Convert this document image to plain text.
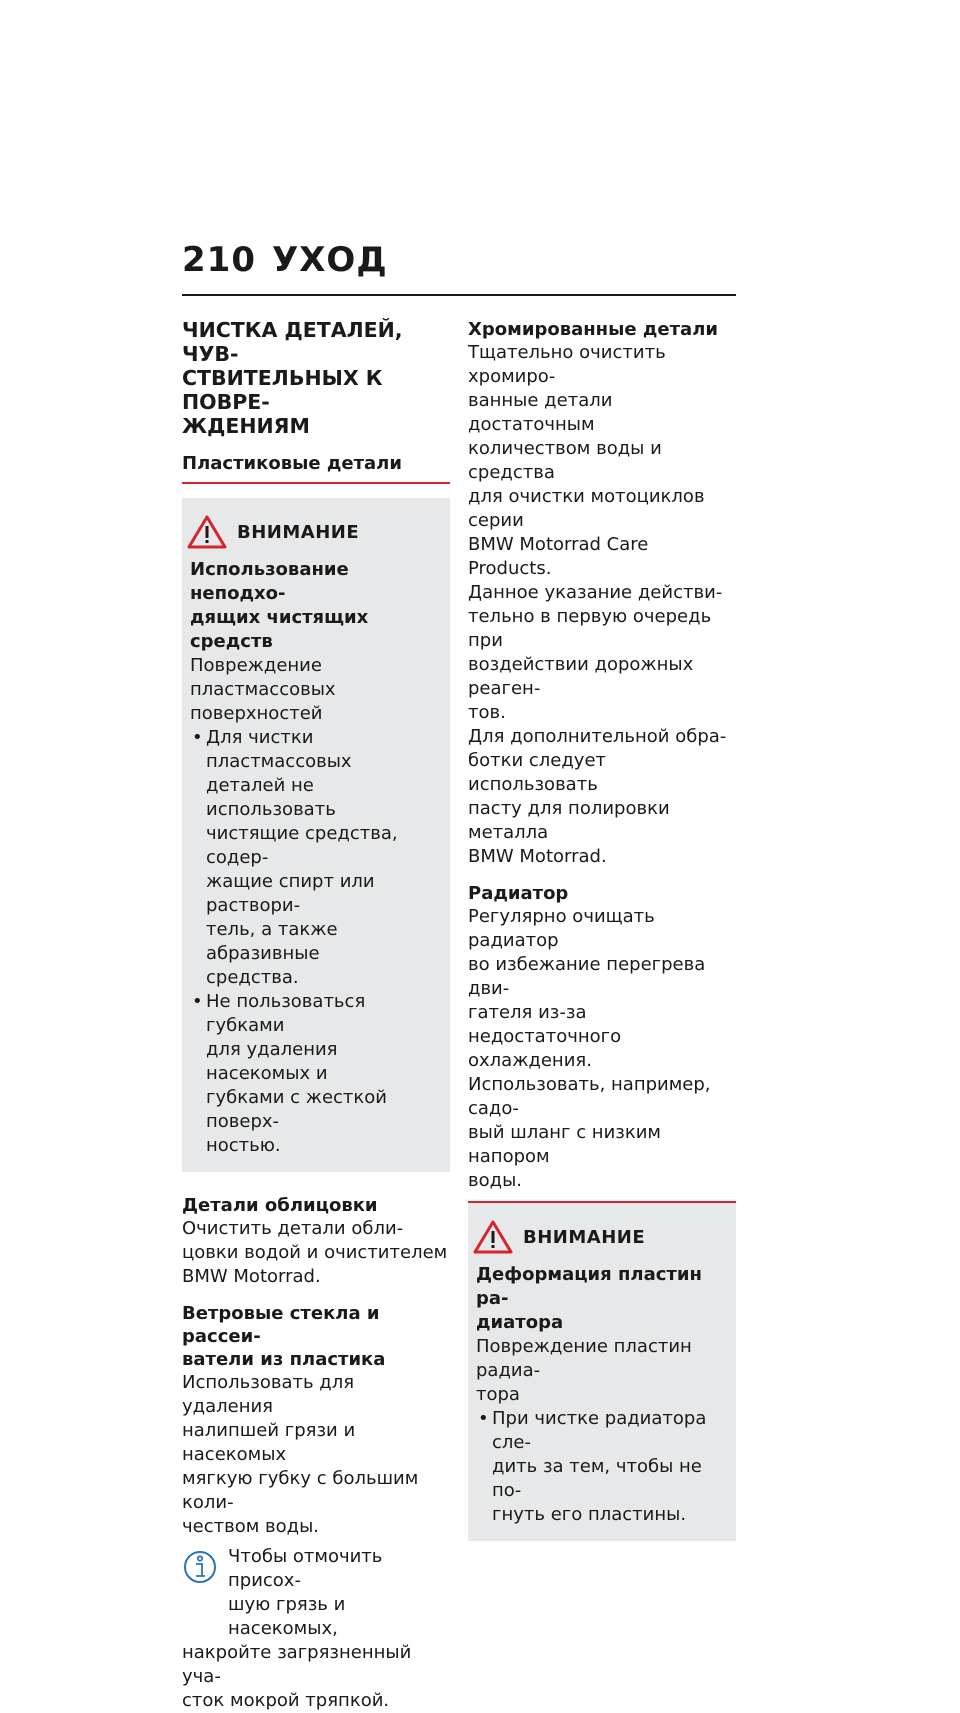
210 УХОД
ЧИСТКА ДЕТАЛЕЙ, ЧУВ-
СТВИТЕЛЬНЫХ К ПОВРЕ-
ЖДЕНИЯМ
Пластиковые детали
ВНИМАНИЕ
Использование неподхо-
дящих чистящих средств
Повреждение пластмассовых
поверхностей
• Для чистки пластмассовых
деталей не использовать
чистящие средства, содер-
жащие спирт или раствори-
тель, а также абразивные
средства.
• Не пользоваться губками
для удаления насекомых и
губками с жесткой поверх-
ностью.
Детали облицовки
Очистить детали обли-
цовки водой и очистителем
BMW Motorrad.
Ветровые стекла и рассеи-
ватели из пластика
Использовать для удаления
налипшей грязи и насекомых
мягкую губку с большим коли-
чеством воды.
Чтобы отмочить присох-
шую грязь и насекомых,
накройте загрязненный уча-
сток мокрой тряпкой.
Хромированные детали
Тщательно очистить хромиро-
ванные детали достаточным
количеством воды и средства
для очистки мотоциклов серии
BMW Motorrad Care Products.
Данное указание действи-
тельно в первую очередь при
воздействии дорожных реаген-
тов.
Для дополнительной обра-
ботки следует использовать
пасту для полировки металла
BMW Motorrad.
Радиатор
Регулярно очищать радиатор
во избежание перегрева дви-
гателя из-за недостаточного
охлаждения.
Использовать, например, садо-
вый шланг с низким напором
воды.
ВНИМАНИЕ
Деформация пластин ра-
диатора
Повреждение пластин радиа-
тора
• При чистке радиатора сле-
дить за тем, чтобы не по-
гнуть его пластины.
